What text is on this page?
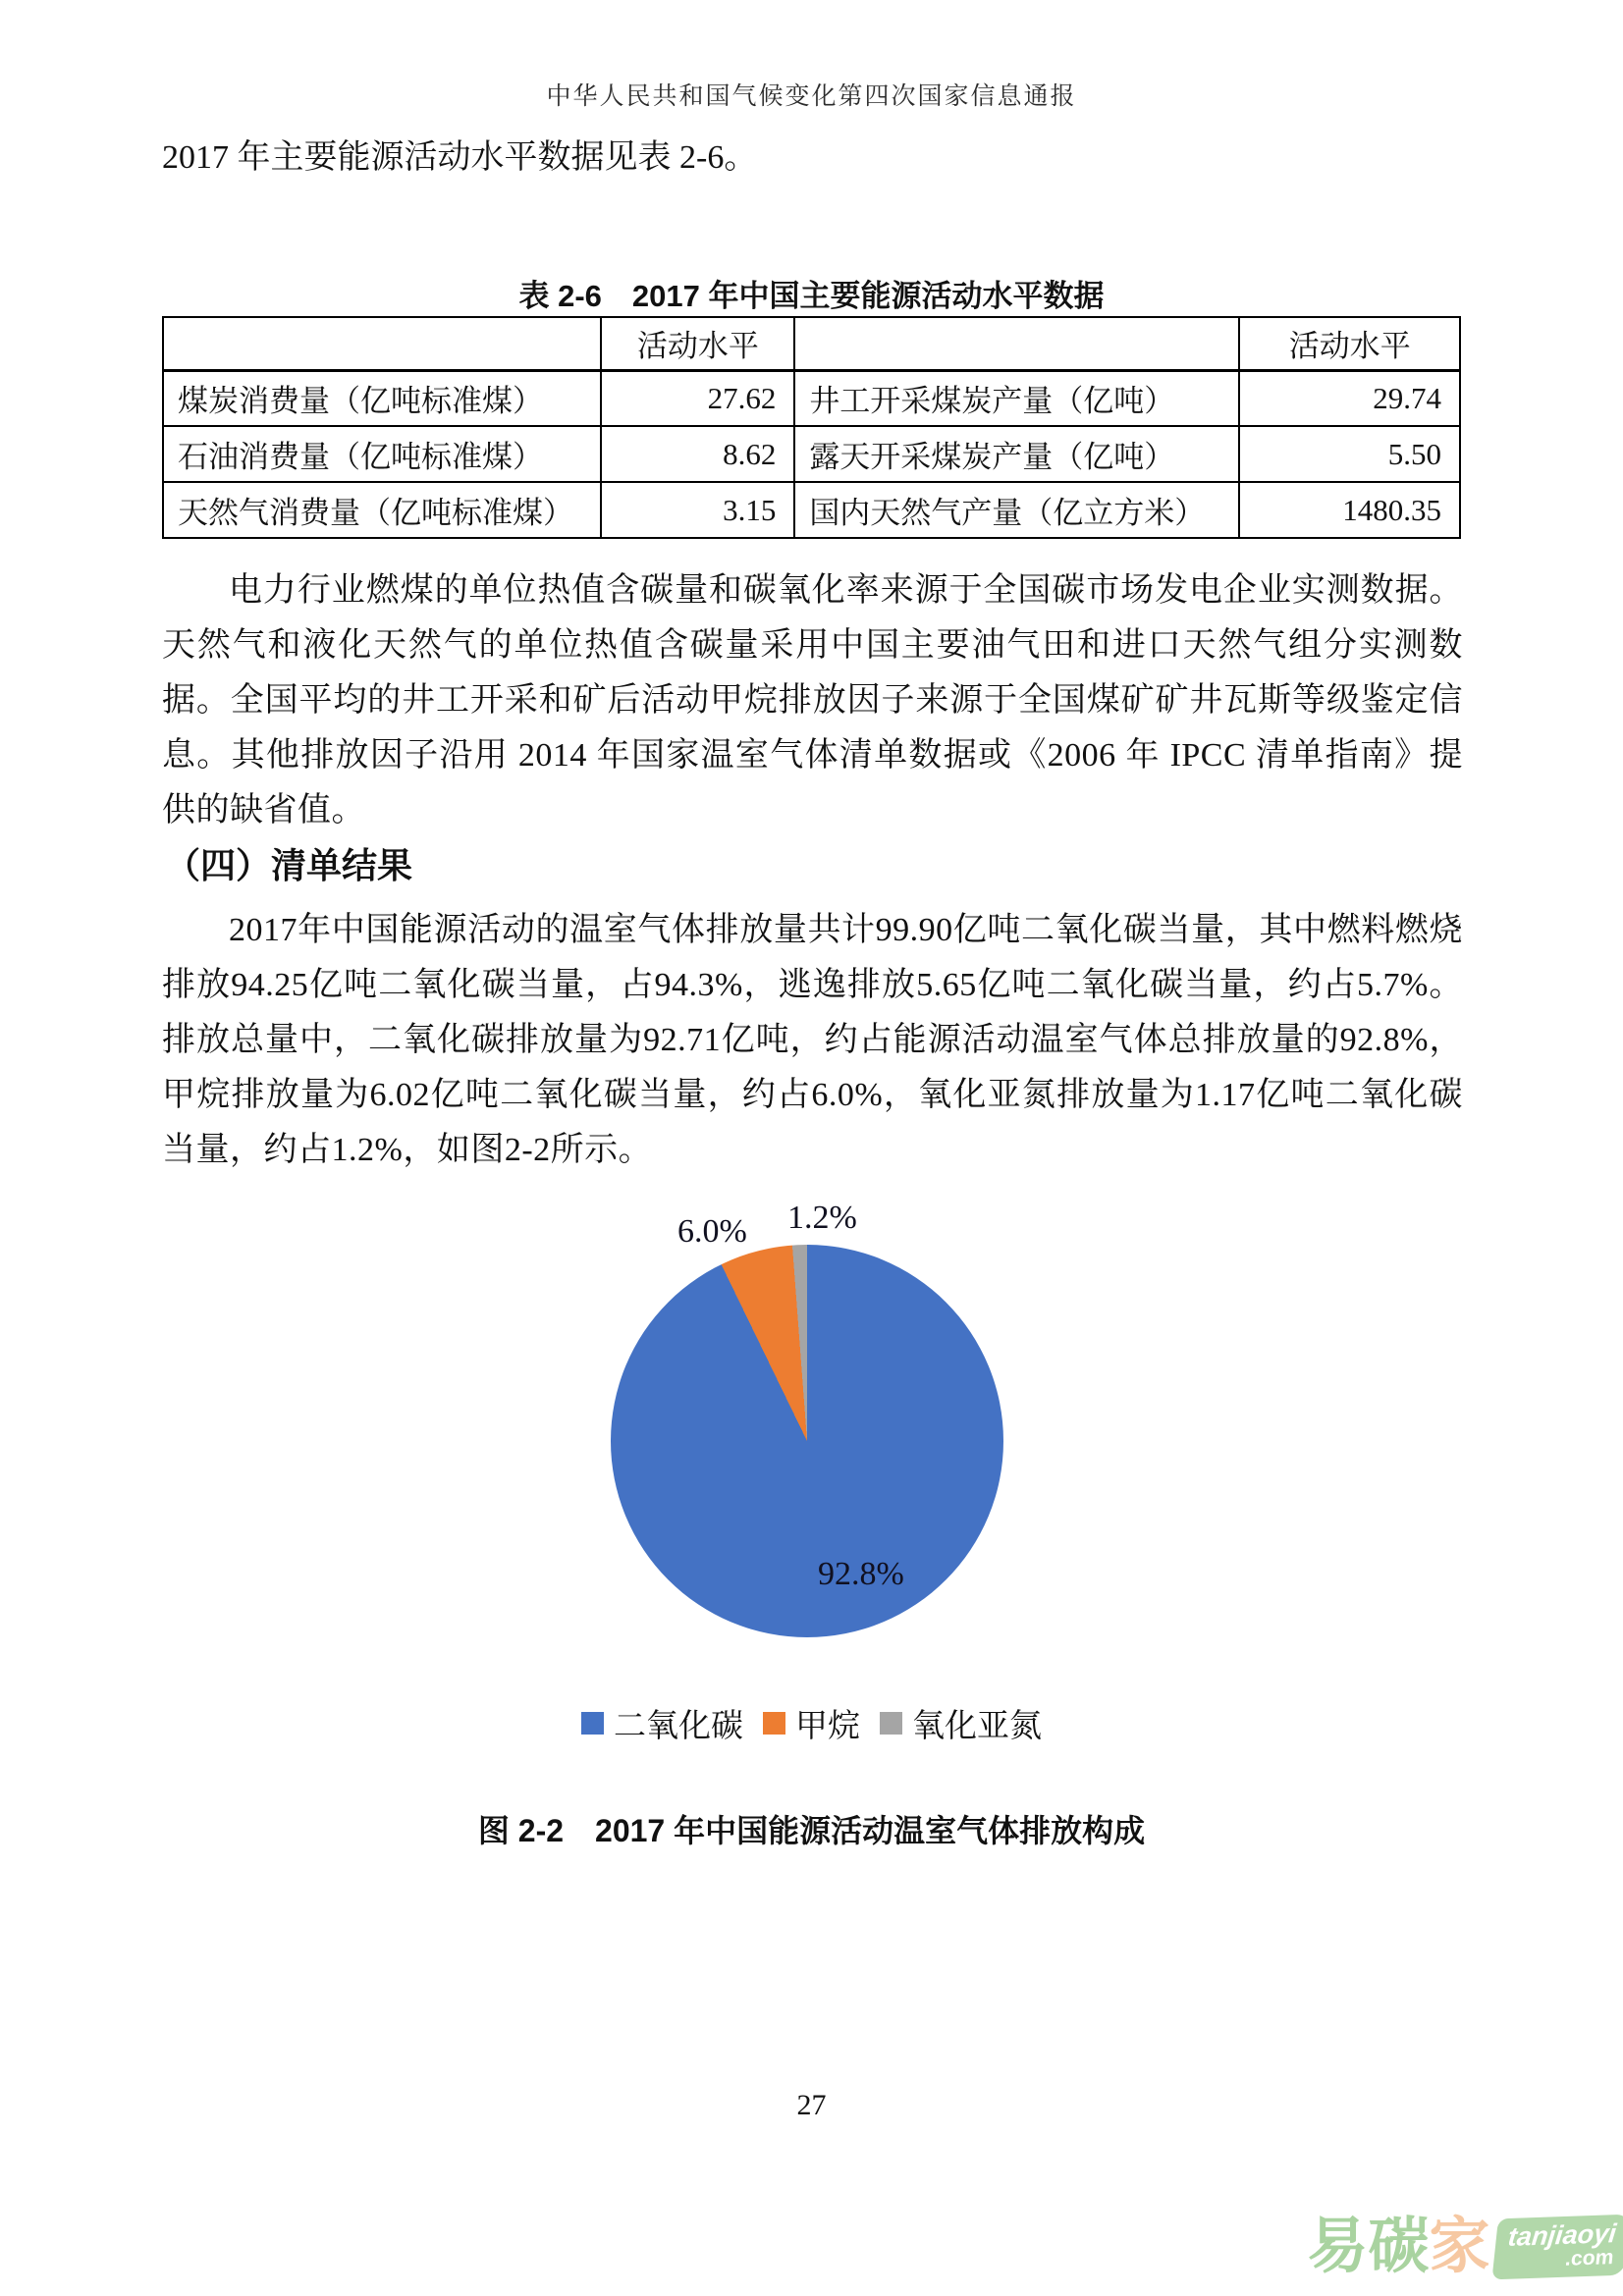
中华人民共和国气候变化第四次国家信息通报
2017 年主要能源活动水平数据见表 2-6。
表 2-6　2017 年中国主要能源活动水平数据
	活动水平		活动水平
煤炭消费量（亿吨标准煤）	27.62	井工开采煤炭产量（亿吨）	29.74
石油消费量（亿吨标准煤）	8.62	露天开采煤炭产量（亿吨）	5.50
天然气消费量（亿吨标准煤）	3.15	国内天然气产量（亿立方米）	1480.35
电力行业燃煤的单位热值含碳量和碳氧化率来源于全国碳市场发电企业实测数据。天然气和液化天然气的单位热值含碳量采用中国主要油气田和进口天然气组分实测数据。全国平均的井工开采和矿后活动甲烷排放因子来源于全国煤矿矿井瓦斯等级鉴定信息。其他排放因子沿用 2014 年国家温室气体清单数据或《2006 年 IPCC 清单指南》提供的缺省值。
（四）清单结果
2017年中国能源活动的温室气体排放量共计99.90亿吨二氧化碳当量，其中燃料燃烧排放94.25亿吨二氧化碳当量，占94.3%，逃逸排放5.65亿吨二氧化碳当量，约占5.7%。排放总量中，二氧化碳排放量为92.71亿吨，约占能源活动温室气体总排放量的92.8%，甲烷排放量为6.02亿吨二氧化碳当量，约占6.0%，氧化亚氮排放量为1.17亿吨二氧化碳当量，约占1.2%，如图2-2所示。
92.8%
6.0% 1.2%
二氧化碳 甲烷 氧化亚氮
图 2-2　2017 年中国能源活动温室气体排放构成
27
易 碳 家 tanjiaoyi
.com
